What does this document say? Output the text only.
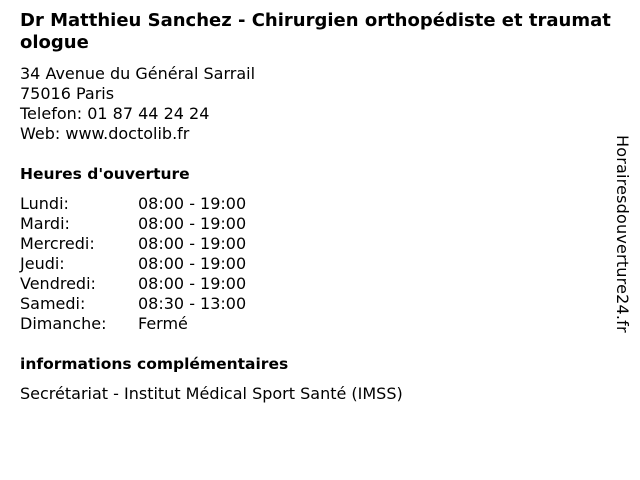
Dr Matthieu Sanchez - Chirurgien orthopédiste et traumatologue
34 Avenue du Général Sarrail
75016 Paris
Telefon: 01 87 44 24 24
Web: www.doctolib.fr
Heures d'ouverture
Lundi:	08:00 - 19:00
Mardi:	08:00 - 19:00
Mercredi:	08:00 - 19:00
Jeudi:	08:00 - 19:00
Vendredi:	08:00 - 19:00
Samedi:	08:30 - 13:00
Dimanche:	Fermé
informations complémentaires
Secrétariat - Institut Médical Sport Santé (IMSS)
Horairesdouverture24.fr
